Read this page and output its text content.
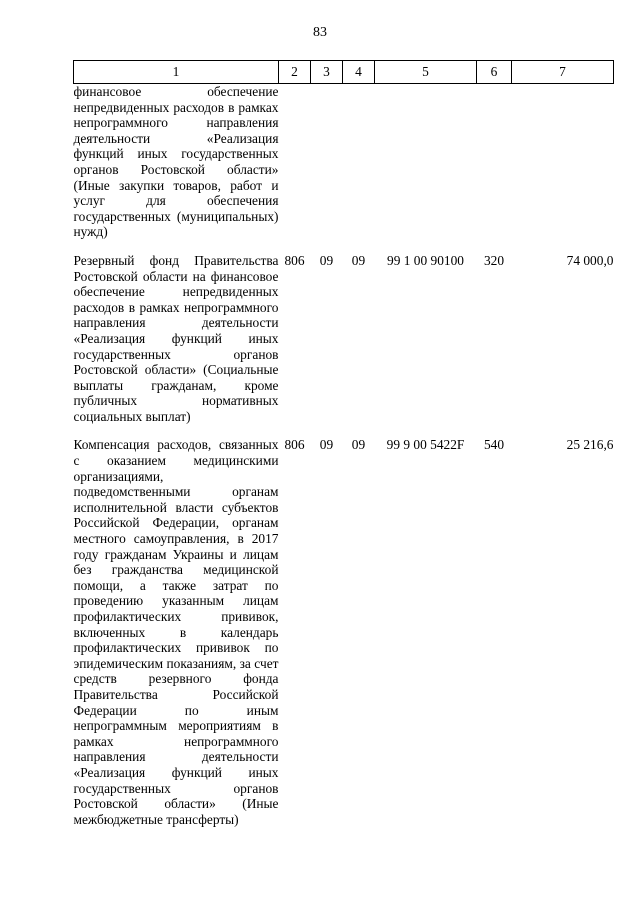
83
1	2	3	4	5	6	7
финансовое обеспечение непредвиденных расходов в рамках непрограммного направления деятельности «Реализация функций иных государственных органов Ростовской области» (Иные закупки товаров, работ и услуг для обеспечения государственных (муниципальных) нужд)						

Резервный фонд Правительства Ростовской области на финансовое обеспечение непредвиденных расходов в рамках непрограммного направления деятельности «Реализация функций иных государственных органов Ростовской области» (Социальные выплаты гражданам, кроме публичных нормативных социальных выплат)	806	09	09	99 1 00 90100	320	74 000,0

Компенсация расходов, связанных с оказанием медицинскими организациями, подведомственными органам исполнительной власти субъектов Российской Федерации, органам местного самоуправления, в 2017 году гражданам Украины и лицам без гражданства медицинской помощи, а также затрат по проведению указанным лицам профилактических прививок, включенных в календарь профилактических прививок по эпидемическим показаниям, за счет средств резервного фонда Правительства Российской Федерации по иным непрограммным мероприятиям в рамках непрограммного направления деятельности «Реализация функций иных государственных органов Ростовской области» (Иные межбюджетные трансферты)	806	09	09	99 9 00 5422F	540	25 216,6
